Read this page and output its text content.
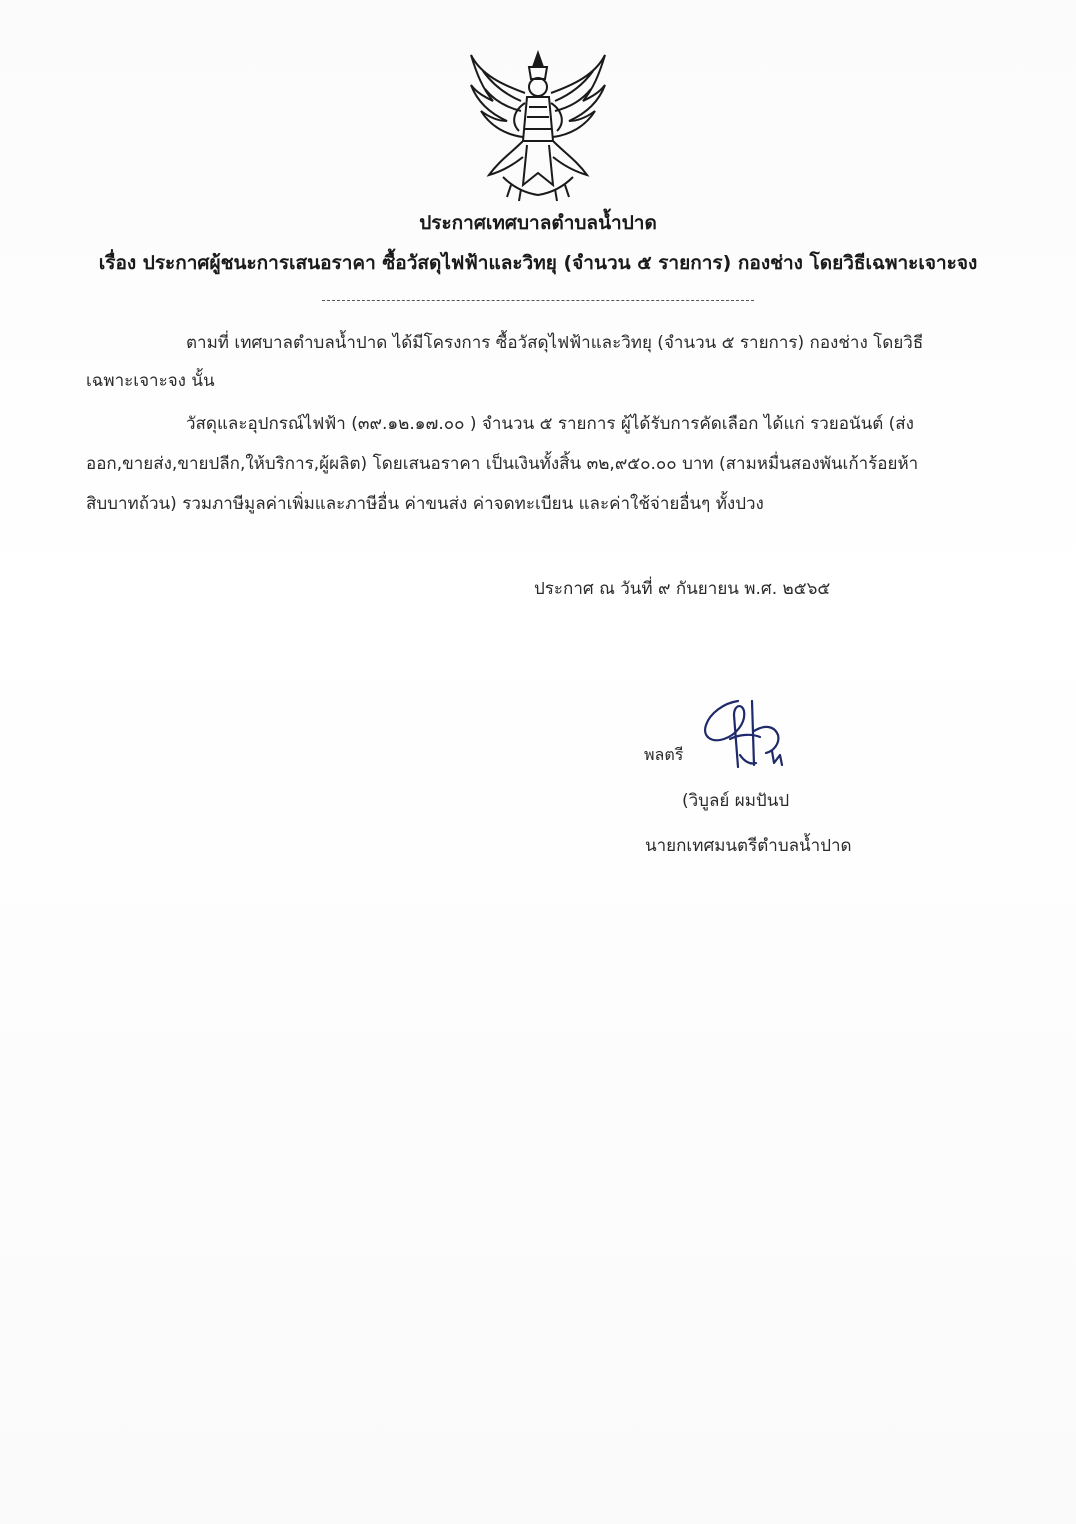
ประกาศเทศบาลตำบลน้ำปาด
เรื่อง ประกาศผู้ชนะการเสนอราคา ซื้อวัสดุไฟฟ้าและวิทยุ (จำนวน ๕ รายการ) กองช่าง โดยวิธีเฉพาะเจาะจง
ตามที่ เทศบาลตำบลน้ำปาด ได้มีโครงการ ซื้อวัสดุไฟฟ้าและวิทยุ (จำนวน ๕ รายการ) กองช่าง โดยวิธี
เฉพาะเจาะจง นั้น
วัสดุและอุปกรณ์ไฟฟ้า (๓๙.๑๒.๑๗.๐๐ ) จำนวน ๕ รายการ ผู้ได้รับการคัดเลือก ได้แก่ รวยอนันต์ (ส่ง
ออก,ขายส่ง,ขายปลีก,ให้บริการ,ผู้ผลิต) โดยเสนอราคา เป็นเงินทั้งสิ้น ๓๒,๙๕๐.๐๐ บาท (สามหมื่นสองพันเก้าร้อยห้า
สิบบาทถ้วน) รวมภาษีมูลค่าเพิ่มและภาษีอื่น ค่าขนส่ง ค่าจดทะเบียน และค่าใช้จ่ายอื่นๆ ทั้งปวง
ประกาศ ณ วันที่ ๙ กันยายน พ.ศ. ๒๕๖๕
พลตรี
(วิบูลย์ ผมปันป
นายกเทศมนตรีตำบลน้ำปาด
